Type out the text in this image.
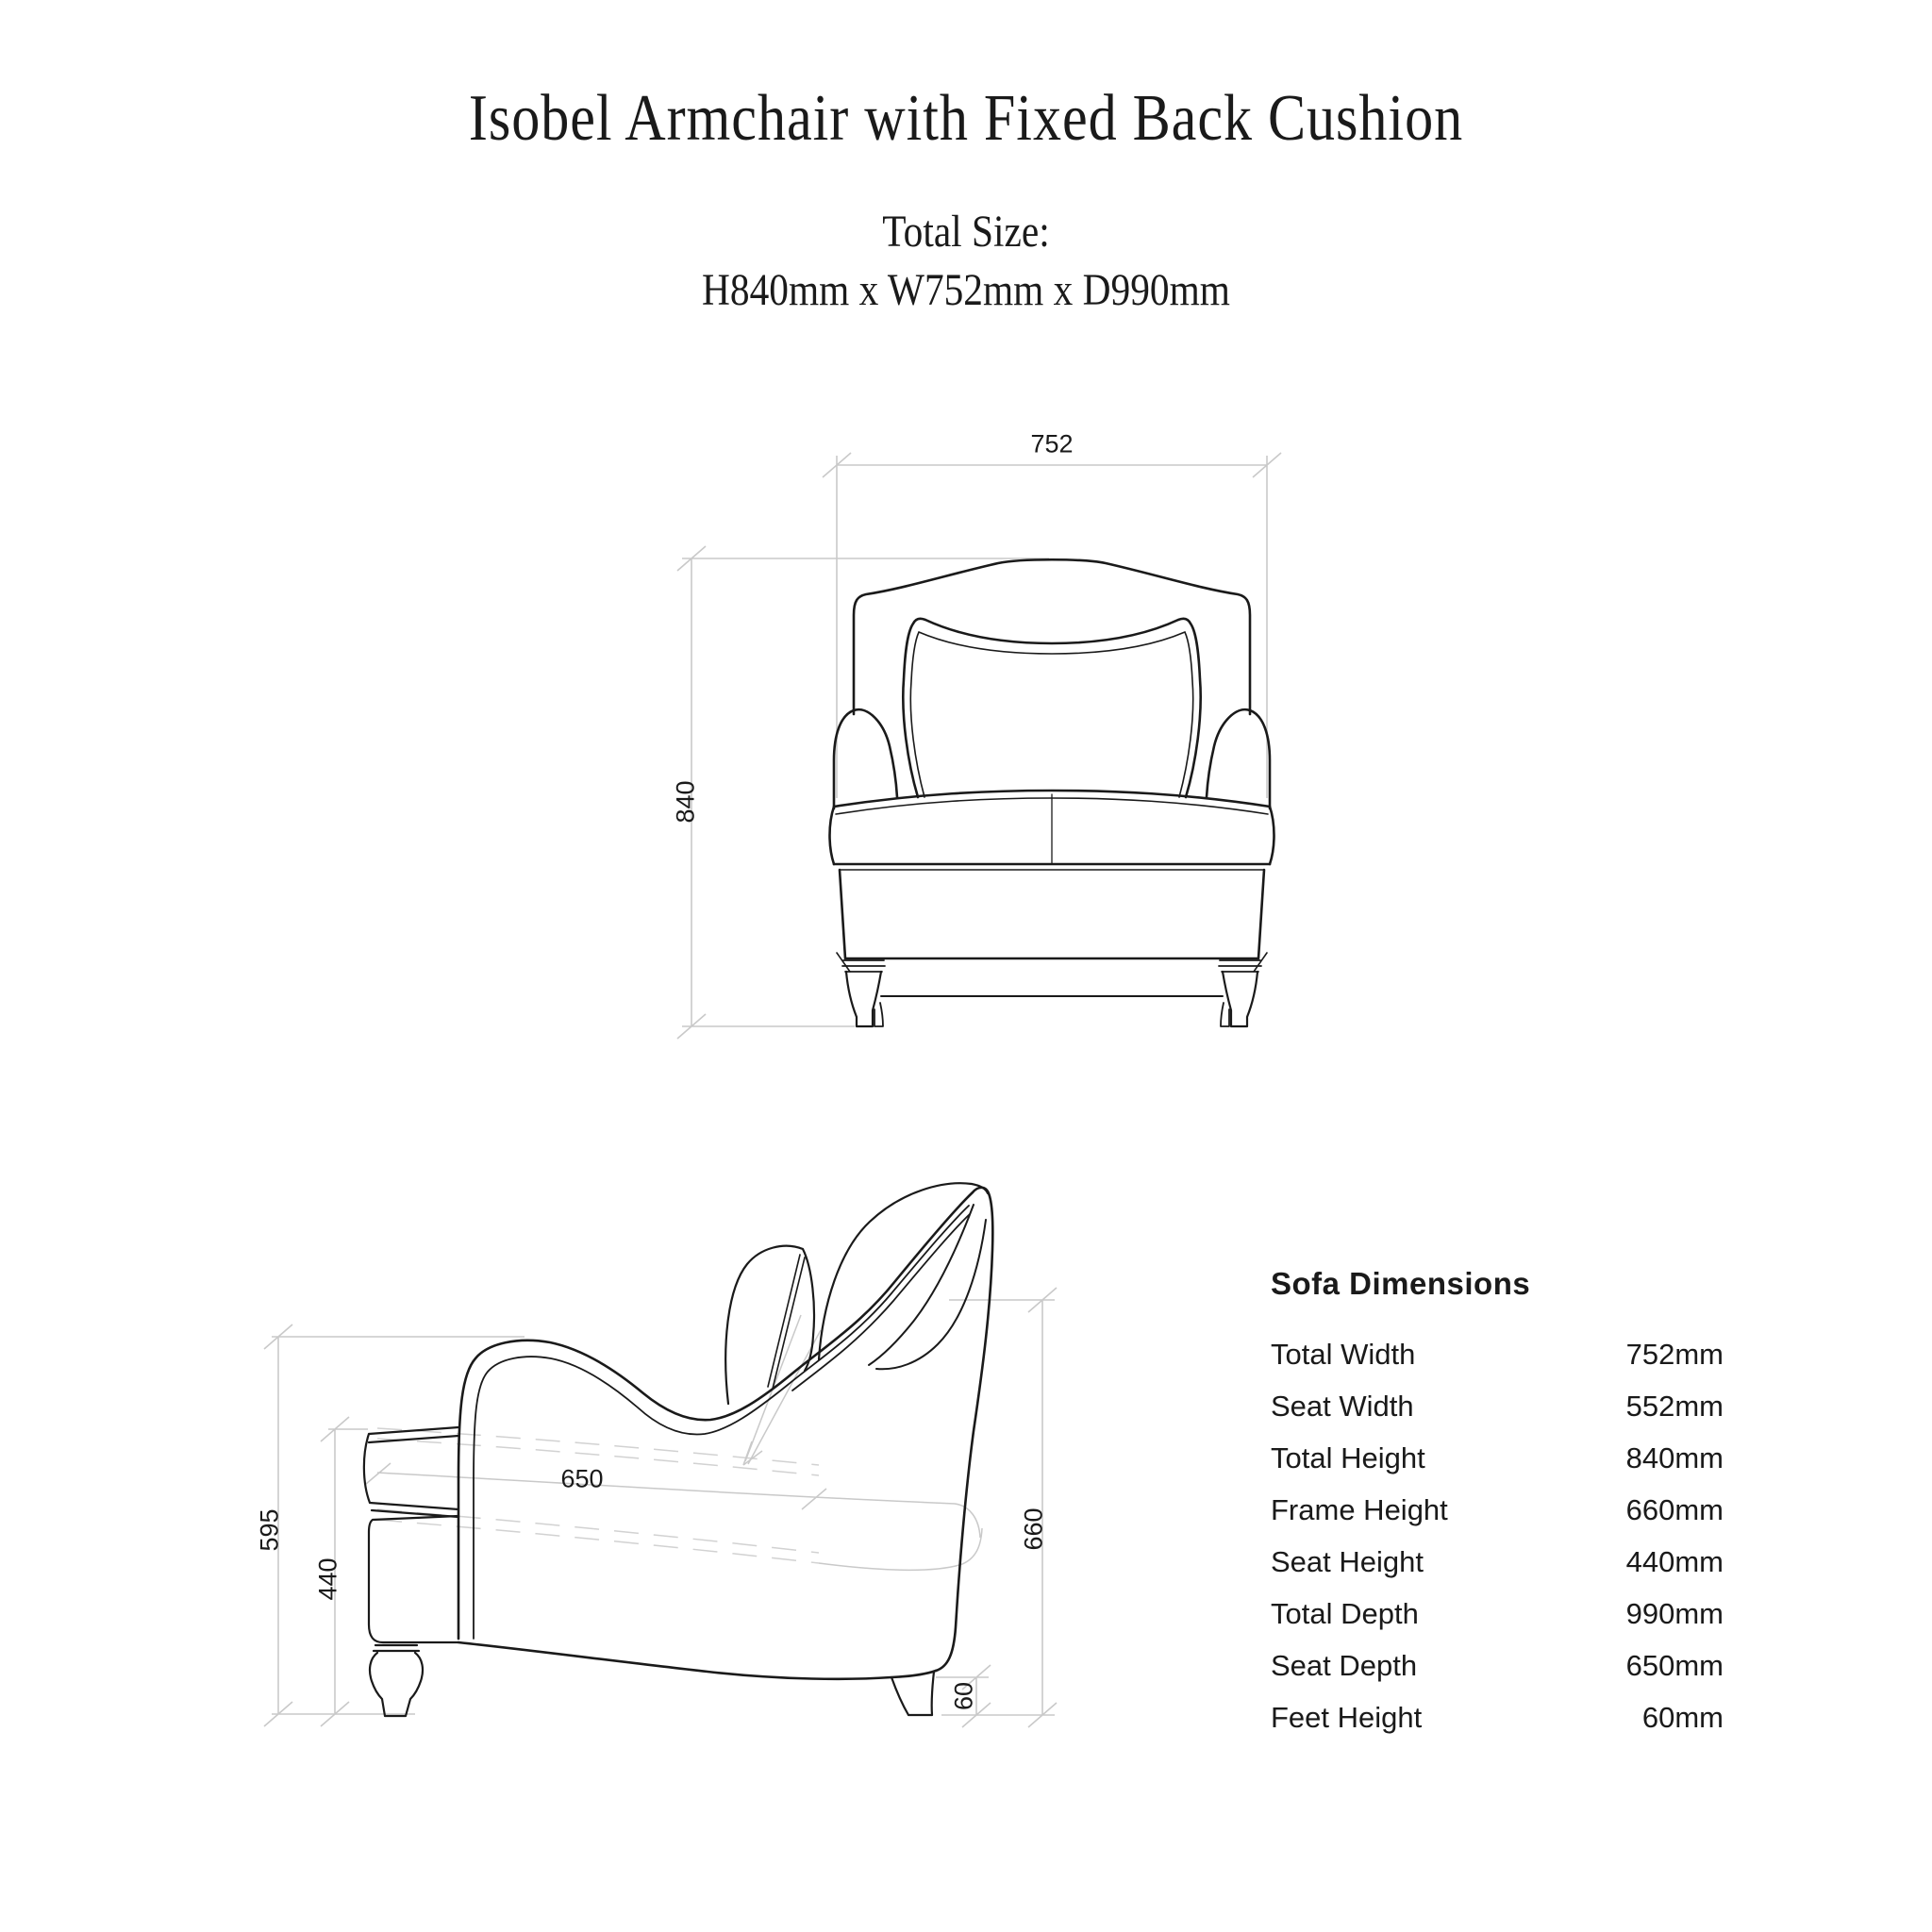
Isobel Armchair with Fixed Back Cushion
Total Size:
H840mm x W752mm x D990mm
752
840
595
440
650
660
60

Sofa Dimensions

Total Width	752mm
Seat Width	552mm
Total Height	840mm
Frame Height	660mm
Seat Height	440mm
Total Depth	990mm
Seat Depth	650mm
Feet Height	60mm
